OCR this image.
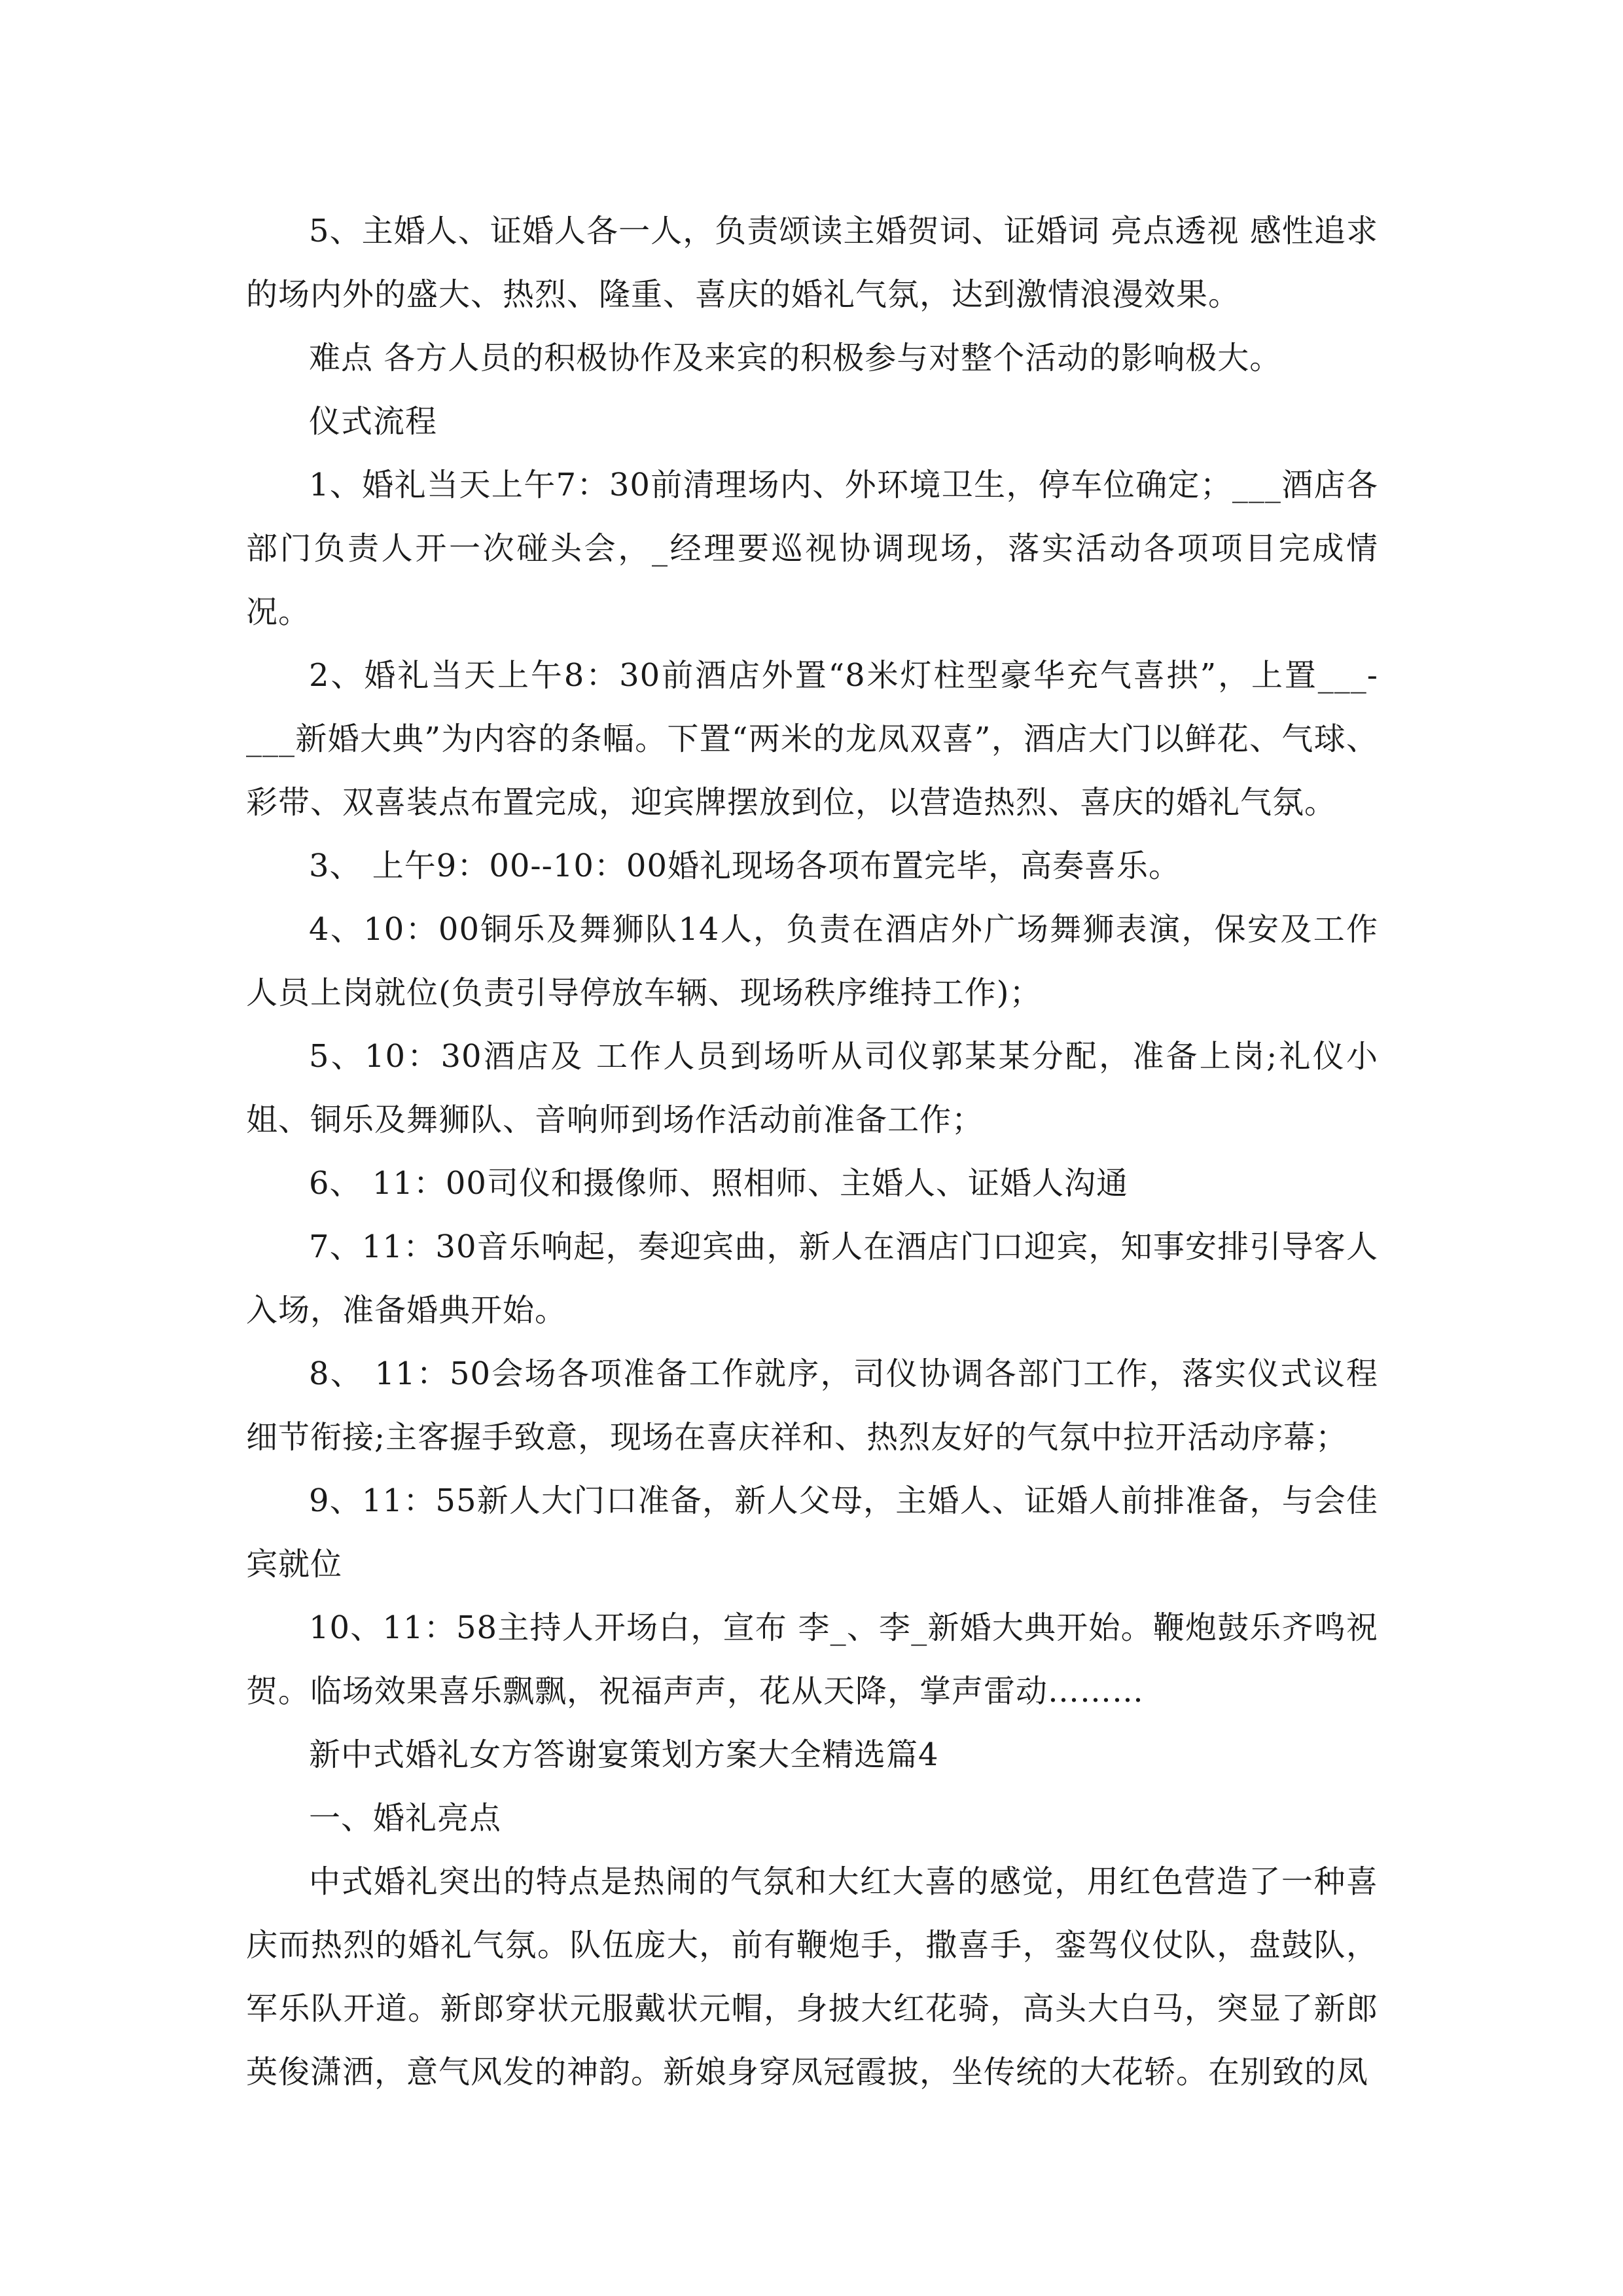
5、主婚人、证婚人各一人，负责颂读主婚贺词、证婚词 亮点透视 感性追求的场内外的盛大、热烈、隆重、喜庆的婚礼气氛，达到激情浪漫效果。

难点 各方人员的积极协作及来宾的积极参与对整个活动的影响极大。

仪式流程

1、婚礼当天上午7：30前清理场内、外环境卫生，停车位确定；___酒店各部门负责人开一次碰头会，_经理要巡视协调现场，落实活动各项项目完成情况。

2、婚礼当天上午8：30前酒店外置“8米灯柱型豪华充气喜拱”，上置___-___新婚大典”为内容的条幅。下置“两米的龙凤双喜”，酒店大门以鲜花、气球、彩带、双喜装点布置完成，迎宾牌摆放到位，以营造热烈、喜庆的婚礼气氛。

3、 上午9：00--10：00婚礼现场各项布置完毕，高奏喜乐。

4、10：00铜乐及舞狮队14人，负责在酒店外广场舞狮表演，保安及工作人员上岗就位(负责引导停放车辆、现场秩序维持工作)；

5、10：30酒店及 工作人员到场听从司仪郭某某分配，准备上岗;礼仪小姐、铜乐及舞狮队、音响师到场作活动前准备工作；

6、 11：00司仪和摄像师、照相师、主婚人、证婚人沟通

7、11：30音乐响起，奏迎宾曲，新人在酒店门口迎宾，知事安排引导客人入场，准备婚典开始。

8、 11：50会场各项准备工作就序，司仪协调各部门工作，落实仪式议程细节衔接;主客握手致意，现场在喜庆祥和、热烈友好的气氛中拉开活动序幕；

9、11：55新人大门口准备，新人父母，主婚人、证婚人前排准备，与会佳宾就位

10、11：58主持人开场白，宣布 李_、李_新婚大典开始。鞭炮鼓乐齐鸣祝贺。临场效果喜乐飘飘，祝福声声，花从天降，掌声雷动………

新中式婚礼女方答谢宴策划方案大全精选篇4

一、婚礼亮点

中式婚礼突出的特点是热闹的气氛和大红大喜的感觉，用红色营造了一种喜庆而热烈的婚礼气氛。队伍庞大，前有鞭炮手，撒喜手，銮驾仪仗队，盘鼓队，军乐队开道。新郎穿状元服戴状元帽，身披大红花骑，高头大白马，突显了新郎英俊潇洒，意气风发的神韵。新娘身穿凤冠霞披，坐传统的大花轿。在别致的凤
